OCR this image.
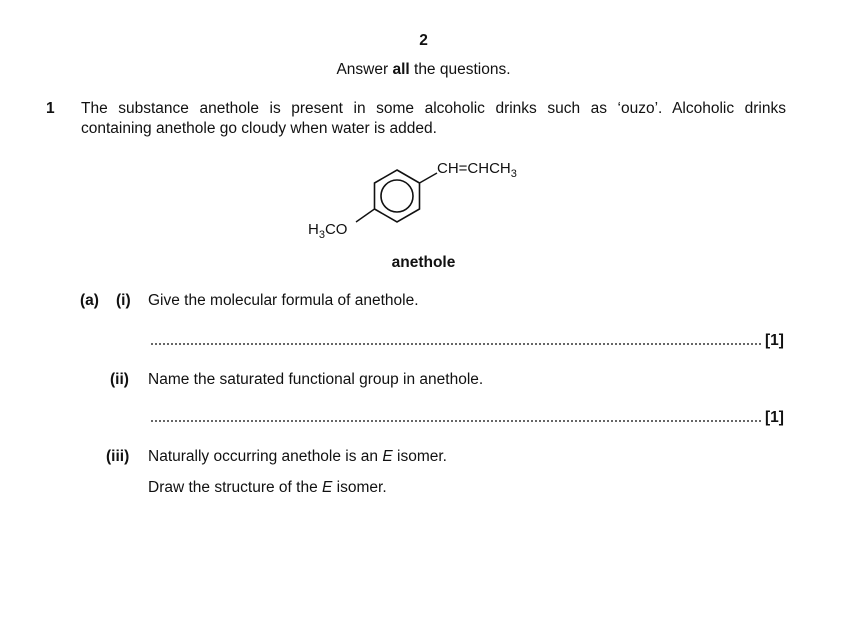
2
Answer all the questions.
1 The substance anethole is present in some alcoholic drinks such as ‘ouzo’. Alcoholic drinks
containing anethole go cloudy when water is added.
$CH=CHCH_3$
$H_3CO$
anethole
(a) (i) Give the molecular formula of anethole.
[1]
(ii) Name the saturated functional group in anethole.
[1]
(iii) Naturally occurring anethole is an E isomer.
Draw the structure of the E isomer.
